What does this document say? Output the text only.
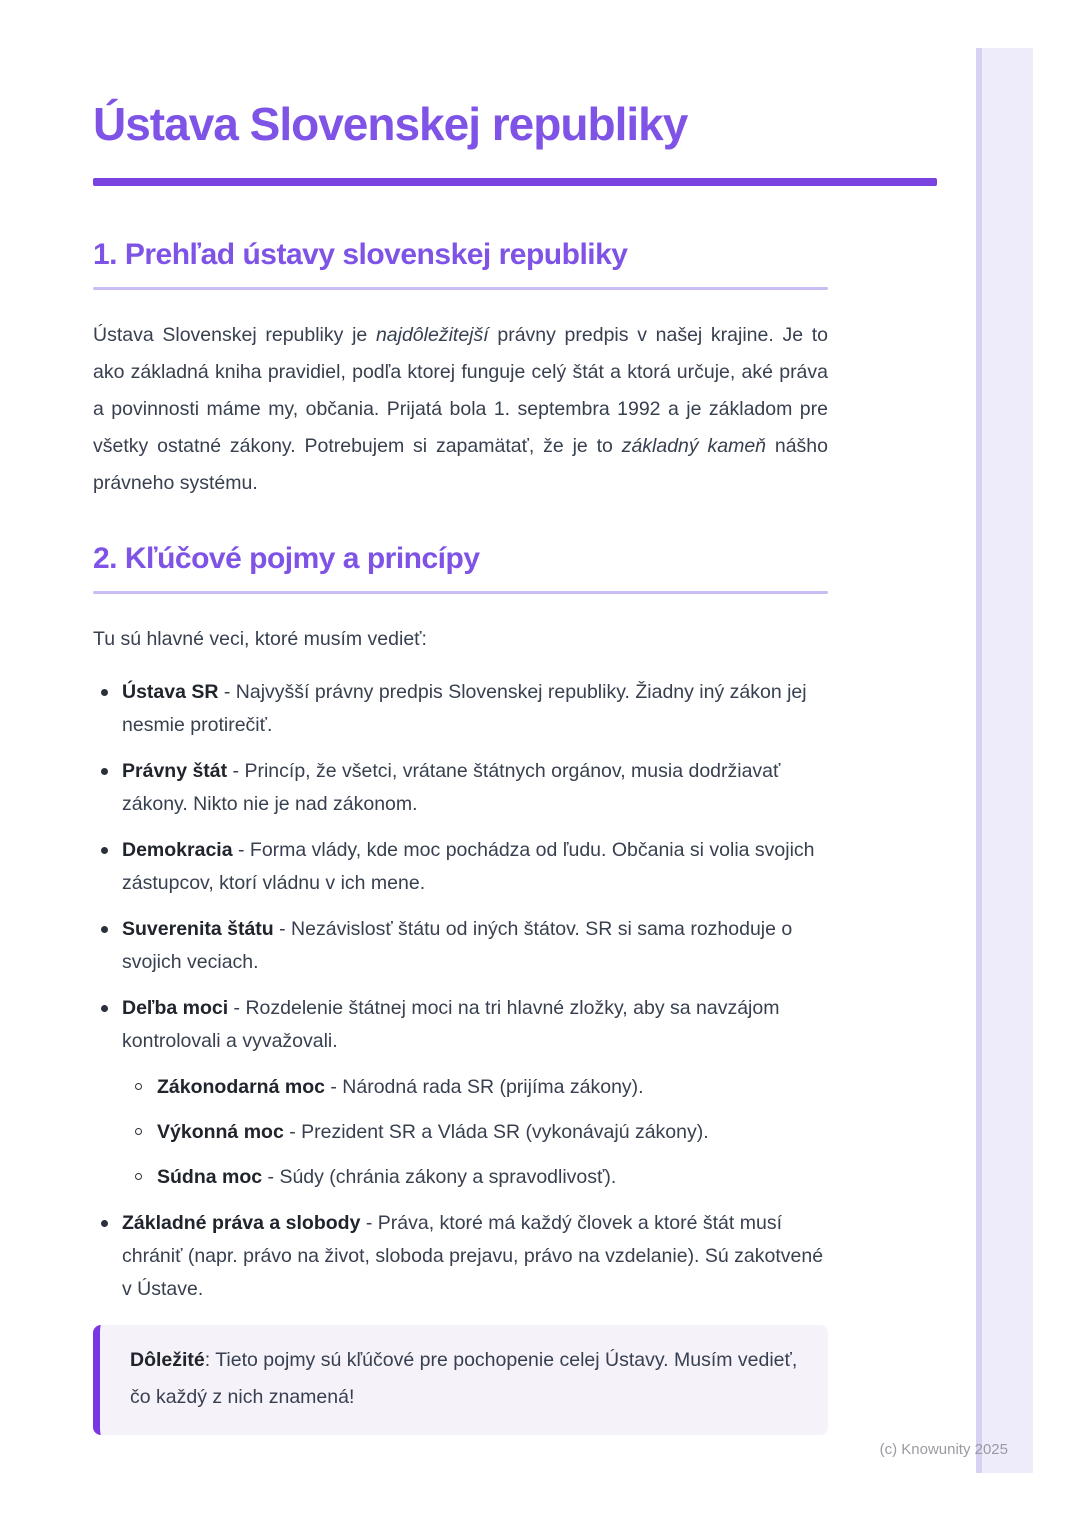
Ústava Slovenskej republiky
1. Prehľad ústavy slovenskej republiky

Ústava Slovenskej republiky je najdôležitejší právny predpis v našej krajine. Je to ako základná kniha pravidiel, podľa ktorej funguje celý štát a ktorá určuje, aké práva a povinnosti máme my, občania. Prijatá bola 1. septembra 1992 a je základom pre všetky ostatné zákony. Potrebujem si zapamätať, že je to základný kameň nášho právneho systému.

2. Kľúčové pojmy a princípy

Tu sú hlavné veci, ktoré musím vedieť:

Ústava SR - Najvyšší právny predpis Slovenskej republiky. Žiadny iný zákon jej nesmie protirečiť.
Právny štát - Princíp, že všetci, vrátane štátnych orgánov, musia dodržiavať zákony. Nikto nie je nad zákonom.
Demokracia - Forma vlády, kde moc pochádza od ľudu. Občania si volia svojich zástupcov, ktorí vládnu v ich mene.
Suverenita štátu - Nezávislosť štátu od iných štátov. SR si sama rozhoduje o svojich veciach.
Deľba moci - Rozdelenie štátnej moci na tri hlavné zložky, aby sa navzájom kontrolovali a vyvažovali.
Zákonodarná moc - Národná rada SR (prijíma zákony).
Výkonná moc - Prezident SR a Vláda SR (vykonávajú zákony).
Súdna moc - Súdy (chránia zákony a spravodlivosť).
Základné práva a slobody - Práva, ktoré má každý človek a ktoré štát musí chrániť (napr. právo na život, sloboda prejavu, právo na vzdelanie). Sú zakotvené v Ústave.
Dôležité: Tieto pojmy sú kľúčové pre pochopenie celej Ústavy. Musím vedieť, čo každý z nich znamená!
(c) Knowunity 2025
